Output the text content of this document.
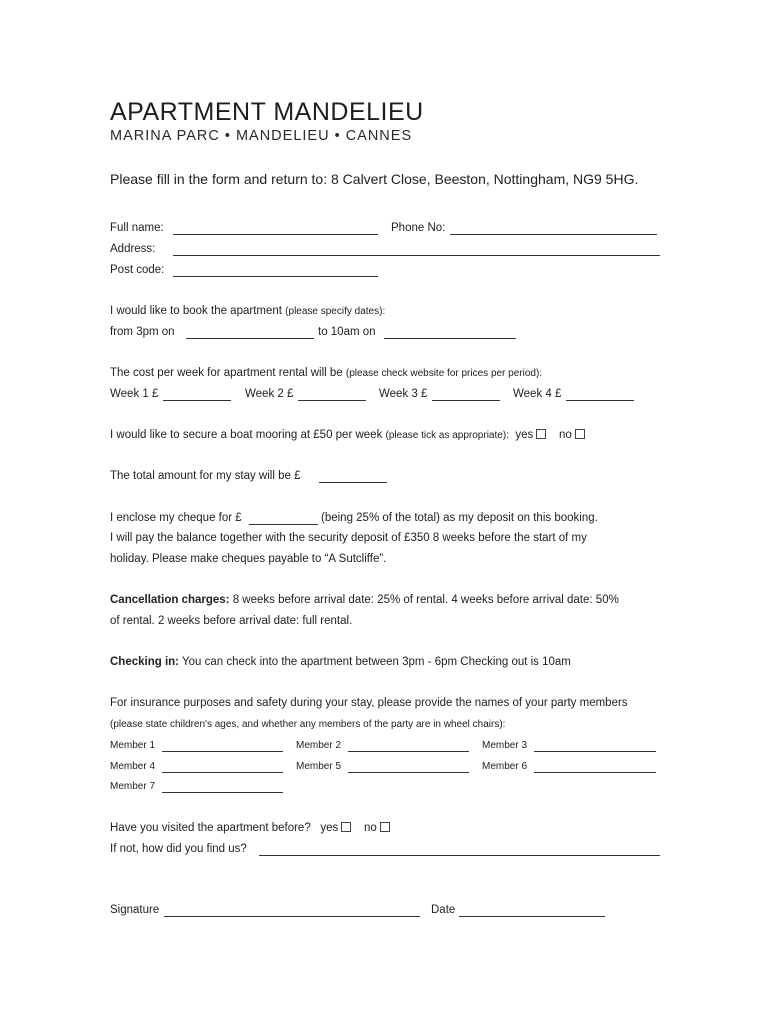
APARTMENT MANDELIEU
MARINA PARC • MANDELIEU • CANNES
Please fill in the form and return to: 8 Calvert Close, Beeston, Nottingham, NG9 5HG.
Full name:	Phone No:
Address:
Post code:
I would like to book the apartment (please specify dates):
from 3pm on	to 10am on
The cost per week for apartment rental will be (please check website for prices per period):
Week 1 £	Week 2 £	Week 3 £	Week 4 £
I would like to secure a boat mooring at £50 per week (please tick as appropriate): yes no
The total amount for my stay will be £
I enclose my cheque for £	(being 25% of the total) as my deposit on this booking.
I will pay the balance together with the security deposit of £350 8 weeks before the start of my
holiday. Please make cheques payable to “A Sutcliffe”.
Cancellation charges: 8 weeks before arrival date: 25% of rental. 4 weeks before arrival date: 50%
of rental. 2 weeks before arrival date: full rental.
Checking in: You can check into the apartment between 3pm - 6pm Checking out is 10am
For insurance purposes and safety during your stay, please provide the names of your party members
(please state children's ages, and whether any members of the party are in wheel chairs):
Member 1	Member 2	Member 3
Member 4	Member 5	Member 6
Member 7
Have you visited the apartment before? yes no
If not, how did you find us?
Signature	Date
